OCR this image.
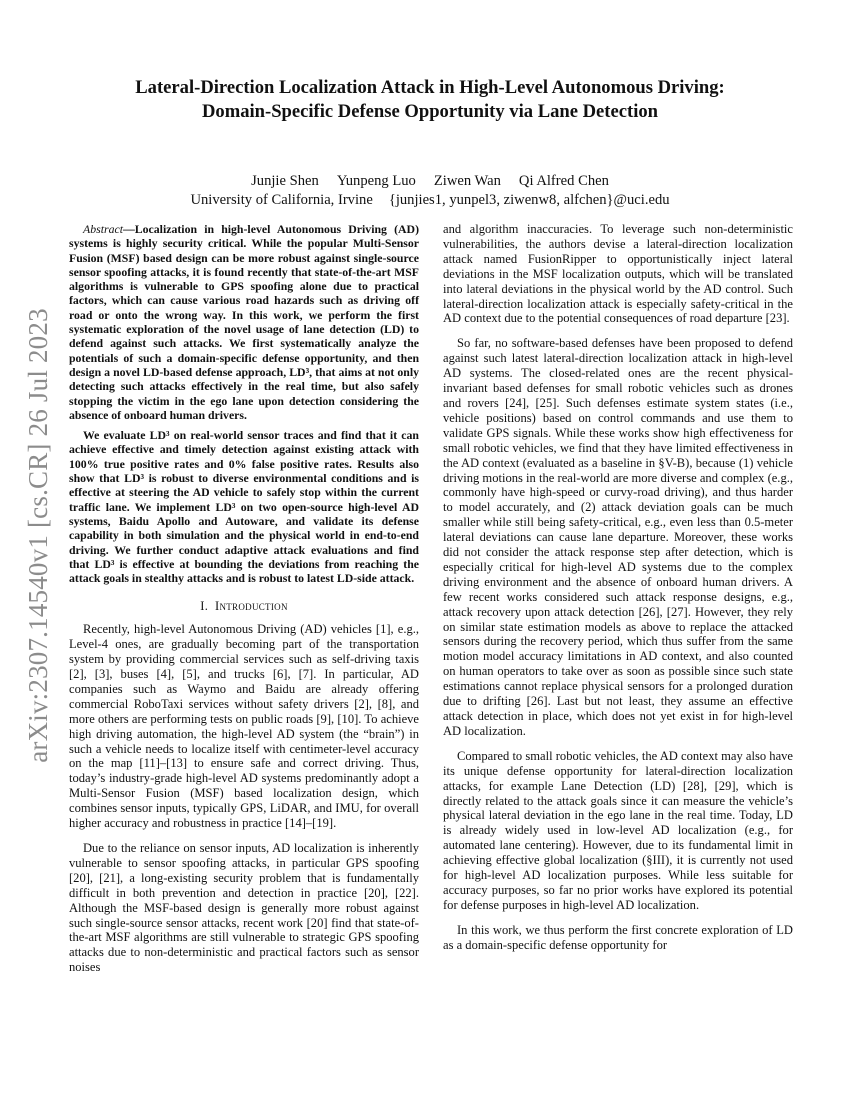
arXiv:2307.14540v1 [cs.CR] 26 Jul 2023
Lateral-Direction Localization Attack in High-Level Autonomous Driving:
Domain-Specific Defense Opportunity via Lane Detection
Junjie Shen Yunpeng Luo Ziwen Wan Qi Alfred Chen
University of California, Irvine {junjies1, yunpel3, ziwenw8, alfchen}@uci.edu

Abstract—Localization in high-level Autonomous Driving (AD) systems is highly security critical. While the popular Multi-Sensor Fusion (MSF) based design can be more robust against single-source sensor spoofing attacks, it is found recently that state-of-the-art MSF algorithms is vulnerable to GPS spoofing alone due to practical factors, which can cause various road hazards such as driving off road or onto the wrong way. In this work, we perform the first systematic exploration of the novel usage of lane detection (LD) to defend against such attacks. We first systematically analyze the potentials of such a domain-specific defense opportunity, and then design a novel LD-based defense approach, LD³, that aims at not only detecting such attacks effectively in the real time, but also safely stopping the victim in the ego lane upon detection considering the absence of onboard human drivers.

We evaluate LD³ on real-world sensor traces and find that it can achieve effective and timely detection against existing attack with 100% true positive rates and 0% false positive rates. Results also show that LD³ is robust to diverse environmental conditions and is effective at steering the AD vehicle to safely stop within the current traffic lane. We implement LD³ on two open-source high-level AD systems, Baidu Apollo and Autoware, and validate its defense capability in both simulation and the physical world in end-to-end driving. We further conduct adaptive attack evaluations and find that LD³ is effective at bounding the deviations from reaching the attack goals in stealthy attacks and is robust to latest LD-side attack.

I. Introduction

Recently, high-level Autonomous Driving (AD) vehicles [1], e.g., Level-4 ones, are gradually becoming part of the transportation system by providing commercial services such as self-driving taxis [2], [3], buses [4], [5], and trucks [6], [7]. In particular, AD companies such as Waymo and Baidu are already offering commercial RoboTaxi services without safety drivers [2], [8], and more others are performing tests on public roads [9], [10]. To achieve high driving automation, the high-level AD system (the “brain”) in such a vehicle needs to localize itself with centimeter-level accuracy on the map [11]–[13] to ensure safe and correct driving. Thus, today’s industry-grade high-level AD systems predominantly adopt a Multi-Sensor Fusion (MSF) based localization design, which combines sensor inputs, typically GPS, LiDAR, and IMU, for overall higher accuracy and robustness in practice [14]–[19].

Due to the reliance on sensor inputs, AD localization is inherently vulnerable to sensor spoofing attacks, in particular GPS spoofing [20], [21], a long-existing security problem that is fundamentally difficult in both prevention and detection in practice [20], [22]. Although the MSF-based design is generally more robust against such single-source sensor attacks, recent work [20] find that state-of-the-art MSF algorithms are still vulnerable to strategic GPS spoofing attacks due to non-deterministic and practical factors such as sensor noises

and algorithm inaccuracies. To leverage such non-deterministic vulnerabilities, the authors devise a lateral-direction localization attack named FusionRipper to opportunistically inject lateral deviations in the MSF localization outputs, which will be translated into lateral deviations in the physical world by the AD control. Such lateral-direction localization attack is especially safety-critical in the AD context due to the potential consequences of road departure [23].

So far, no software-based defenses have been proposed to defend against such latest lateral-direction localization attack in high-level AD systems. The closed-related ones are the recent physical-invariant based defenses for small robotic vehicles such as drones and rovers [24], [25]. Such defenses estimate system states (i.e., vehicle positions) based on control commands and use them to validate GPS signals. While these works show high effectiveness for small robotic vehicles, we find that they have limited effectiveness in the AD context (evaluated as a baseline in §V-B), because (1) vehicle driving motions in the real-world are more diverse and complex (e.g., commonly have high-speed or curvy-road driving), and thus harder to model accurately, and (2) attack deviation goals can be much smaller while still being safety-critical, e.g., even less than 0.5-meter lateral deviations can cause lane departure. Moreover, these works did not consider the attack response step after detection, which is especially critical for high-level AD systems due to the complex driving environment and the absence of onboard human drivers. A few recent works considered such attack response designs, e.g., attack recovery upon attack detection [26], [27]. However, they rely on similar state estimation models as above to replace the attacked sensors during the recovery period, which thus suffer from the same motion model accuracy limitations in AD context, and also counted on human operators to take over as soon as possible since such state estimations cannot replace physical sensors for a prolonged duration due to drifting [26]. Last but not least, they assume an effective attack detection in place, which does not yet exist in for high-level AD localization.

Compared to small robotic vehicles, the AD context may also have its unique defense opportunity for lateral-direction localization attacks, for example Lane Detection (LD) [28], [29], which is directly related to the attack goals since it can measure the vehicle’s physical lateral deviation in the ego lane in the real time. Today, LD is already widely used in low-level AD localization (e.g., for automated lane centering). However, due to its fundamental limit in achieving effective global localization (§III), it is currently not used for high-level AD localization purposes. While less suitable for accuracy purposes, so far no prior works have explored its potential for defense purposes in high-level AD localization.

In this work, we thus perform the first concrete exploration of LD as a domain-specific defense opportunity for
